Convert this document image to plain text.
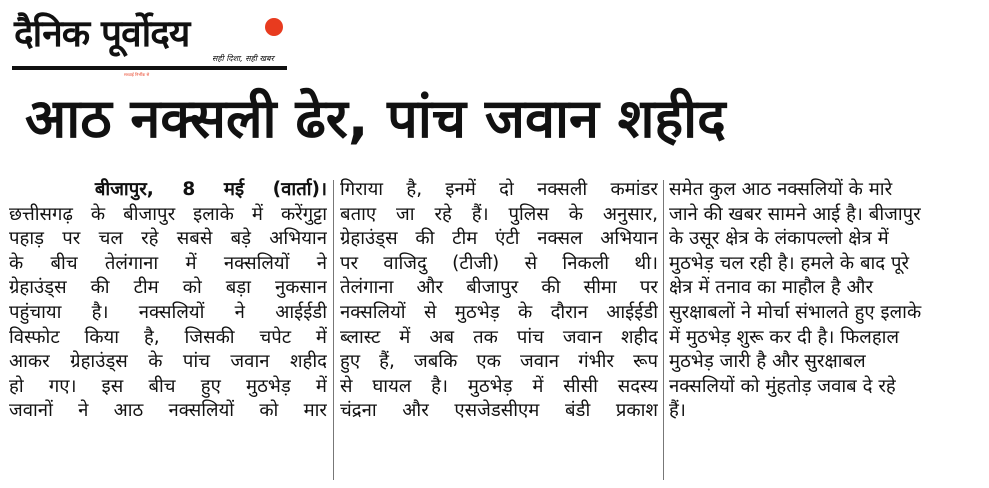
दैनिक पूर्वोदय
सही दिशा, सही खबर
सच्चाई निर्भीक से
आठ नक्सली ढेर, पांच जवान शहीद
बीजापुर, 8 मई (वार्ता)।
छत्तीसगढ़ के बीजापुर इलाके में करेंगुट्टा
पहाड़ पर चल रहे सबसे बड़े अभियान
के बीच तेलंगाना में नक्सलियों ने
ग्रेहाउंड्स की टीम को बड़ा नुकसान
पहुंचाया है। नक्सलियों ने आईईडी
विस्फोट किया है, जिसकी चपेट में
आकर ग्रेहाउंड्स के पांच जवान शहीद
हो गए। इस बीच हुए मुठभेड़ में
जवानों ने आठ नक्सलियों को मार
गिराया है, इनमें दो नक्सली कमांडर
बताए जा रहे हैं। पुलिस के अनुसार,
ग्रेहाउंड्स की टीम एंटी नक्सल अभियान
पर वाजिदु (टीजी) से निकली थी।
तेलंगाना और बीजापुर की सीमा पर
नक्सलियों से मुठभेड़ के दौरान आईईडी
ब्लास्ट में अब तक पांच जवान शहीद
हुए हैं, जबकि एक जवान गंभीर रूप
से घायल है। मुठभेड़ में सीसी सदस्य
चंद्रना और एसजेडसीएम बंडी प्रकाश
समेत कुल आठ नक्सलियों के मारे
जाने की खबर सामने आई है। बीजापुर
के उसूर क्षेत्र के लंकापल्लो क्षेत्र में
मुठभेड़ चल रही है। हमले के बाद पूरे
क्षेत्र में तनाव का माहौल है और
सुरक्षाबलों ने मोर्चा संभालते हुए इलाके
में मुठभेड़ शुरू कर दी है। फिलहाल
मुठभेड़ जारी है और सुरक्षाबल
नक्सलियों को मुंहतोड़ जवाब दे रहे
हैं।
